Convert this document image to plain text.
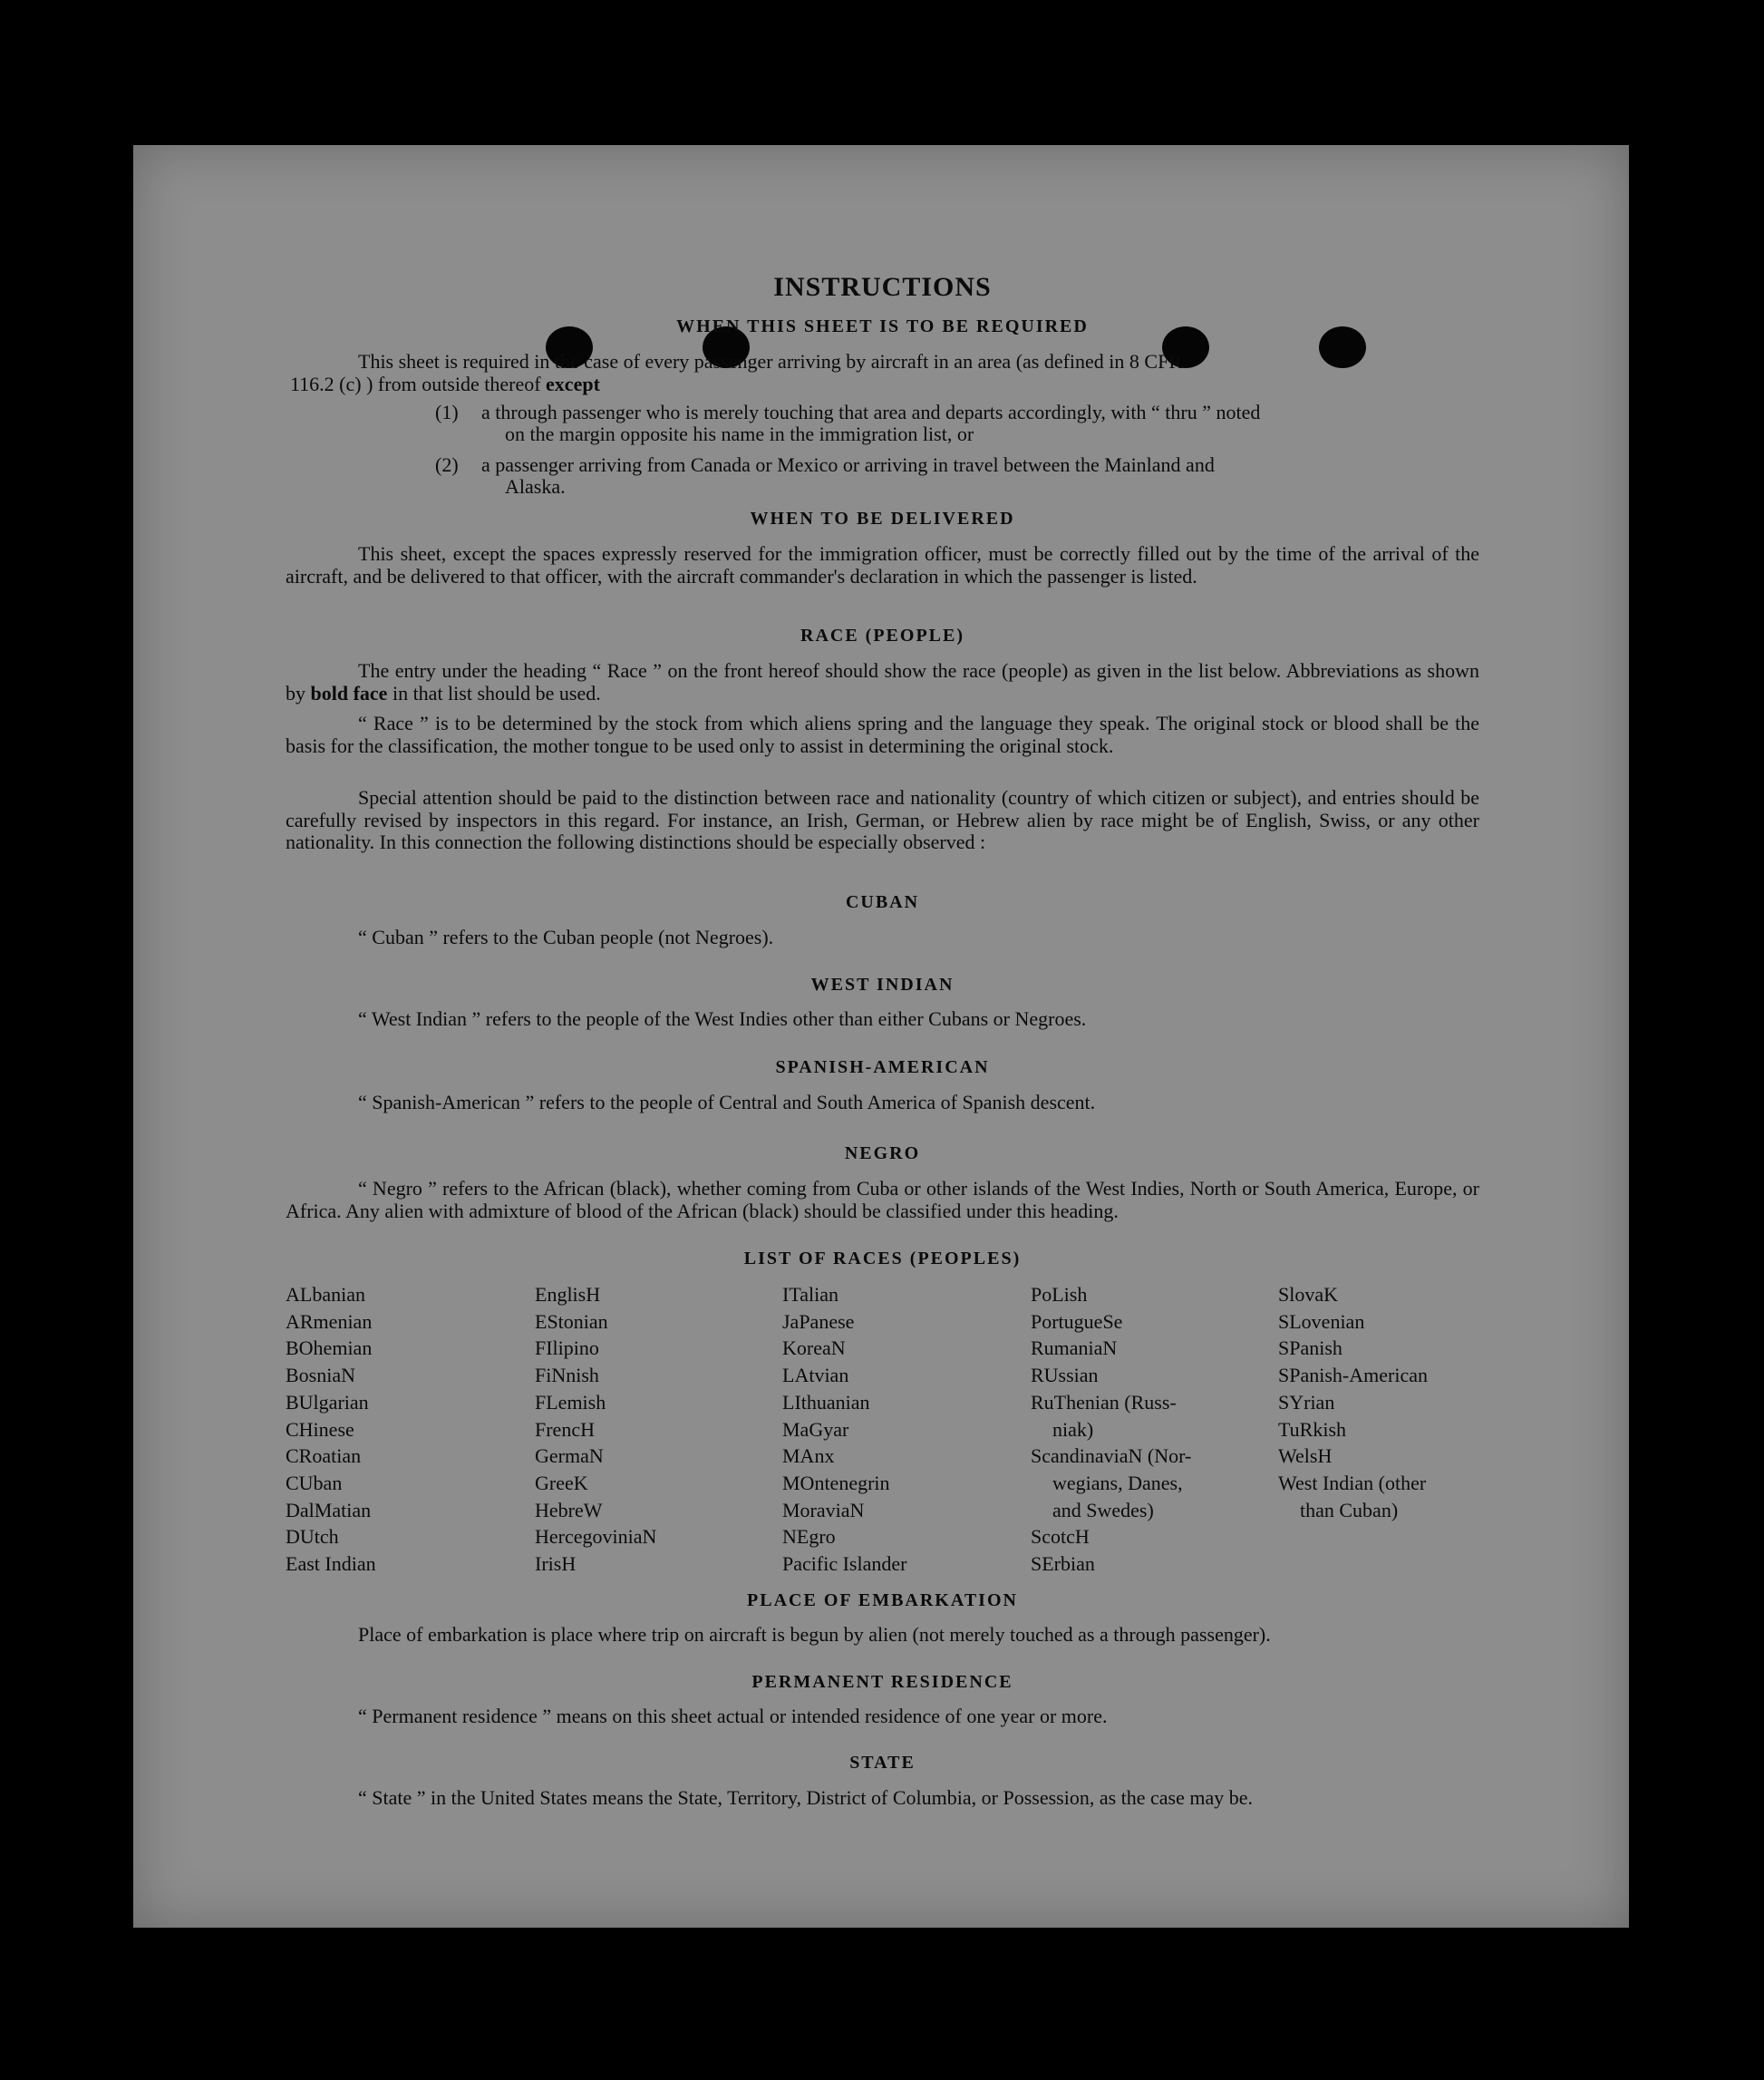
INSTRUCTIONS
WHEN THIS SHEET IS TO BE REQUIRED
This sheet is required in the case of every passenger arriving by aircraft in an area (as defined in 8 CFR
116.2 (c) ) from outside thereof except
(1) a through passenger who is merely touching that area and departs accordingly, with “ thru ” noted
on the margin opposite his name in the immigration list, or
(2) a passenger arriving from Canada or Mexico or arriving in travel between the Mainland and
Alaska.
WHEN TO BE DELIVERED
This sheet, except the spaces expressly reserved for the immigration officer, must be correctly filled out by the time of the arrival of the aircraft, and be delivered to that officer, with the aircraft commander's declaration in which the passenger is listed.
RACE (PEOPLE)
The entry under the heading “ Race ” on the front hereof should show the race (people) as given in the list below. Abbreviations as shown by bold face in that list should be used.
“ Race ” is to be determined by the stock from which aliens spring and the language they speak. The original stock or blood shall be the basis for the classification, the mother tongue to be used only to assist in determining the original stock.
Special attention should be paid to the distinction between race and nationality (country of which citizen or subject), and entries should be carefully revised by inspectors in this regard. For instance, an Irish, German, or Hebrew alien by race might be of English, Swiss, or any other nationality. In this connection the following distinctions should be especially observed :
CUBAN
“ Cuban ” refers to the Cuban people (not Negroes).
WEST INDIAN
“ West Indian ” refers to the people of the West Indies other than either Cubans or Negroes.
SPANISH-AMERICAN
“ Spanish-American ” refers to the people of Central and South America of Spanish descent.
NEGRO
“ Negro ” refers to the African (black), whether coming from Cuba or other islands of the West Indies, North or South America, Europe, or Africa. Any alien with admixture of blood of the African (black) should be classified under this heading.
LIST OF RACES (PEOPLES)
ALbanian
ARmenian
BOhemian
BosniaN
BUlgarian
CHinese
CRoatian
CUban
DalMatian
DUtch
East Indian
EnglisH
EStonian
FIlipino
FiNnish
FLemish
FrencH
GermaN
GreeK
HebreW
HercegoviniaN
IrisH
ITalian
JaPanese
KoreaN
LAtvian
LIthuanian
MaGyar
MAnx
MOntenegrin
MoraviaN
NEgro
Pacific Islander
PoLish
PortugueSe
RumaniaN
RUssian
RuThenian (Russ-
niak)
ScandinaviaN (Nor-
wegians, Danes,
and Swedes)
ScotcH
SErbian
SlovaK
SLovenian
SPanish
SPanish-American
SYrian
TuRkish
WelsH
West Indian (other
than Cuban)
PLACE OF EMBARKATION
Place of embarkation is place where trip on aircraft is begun by alien (not merely touched as a through passenger).
PERMANENT RESIDENCE
“ Permanent residence ” means on this sheet actual or intended residence of one year or more.
STATE
“ State ” in the United States means the State, Territory, District of Columbia, or Possession, as the case may be.
